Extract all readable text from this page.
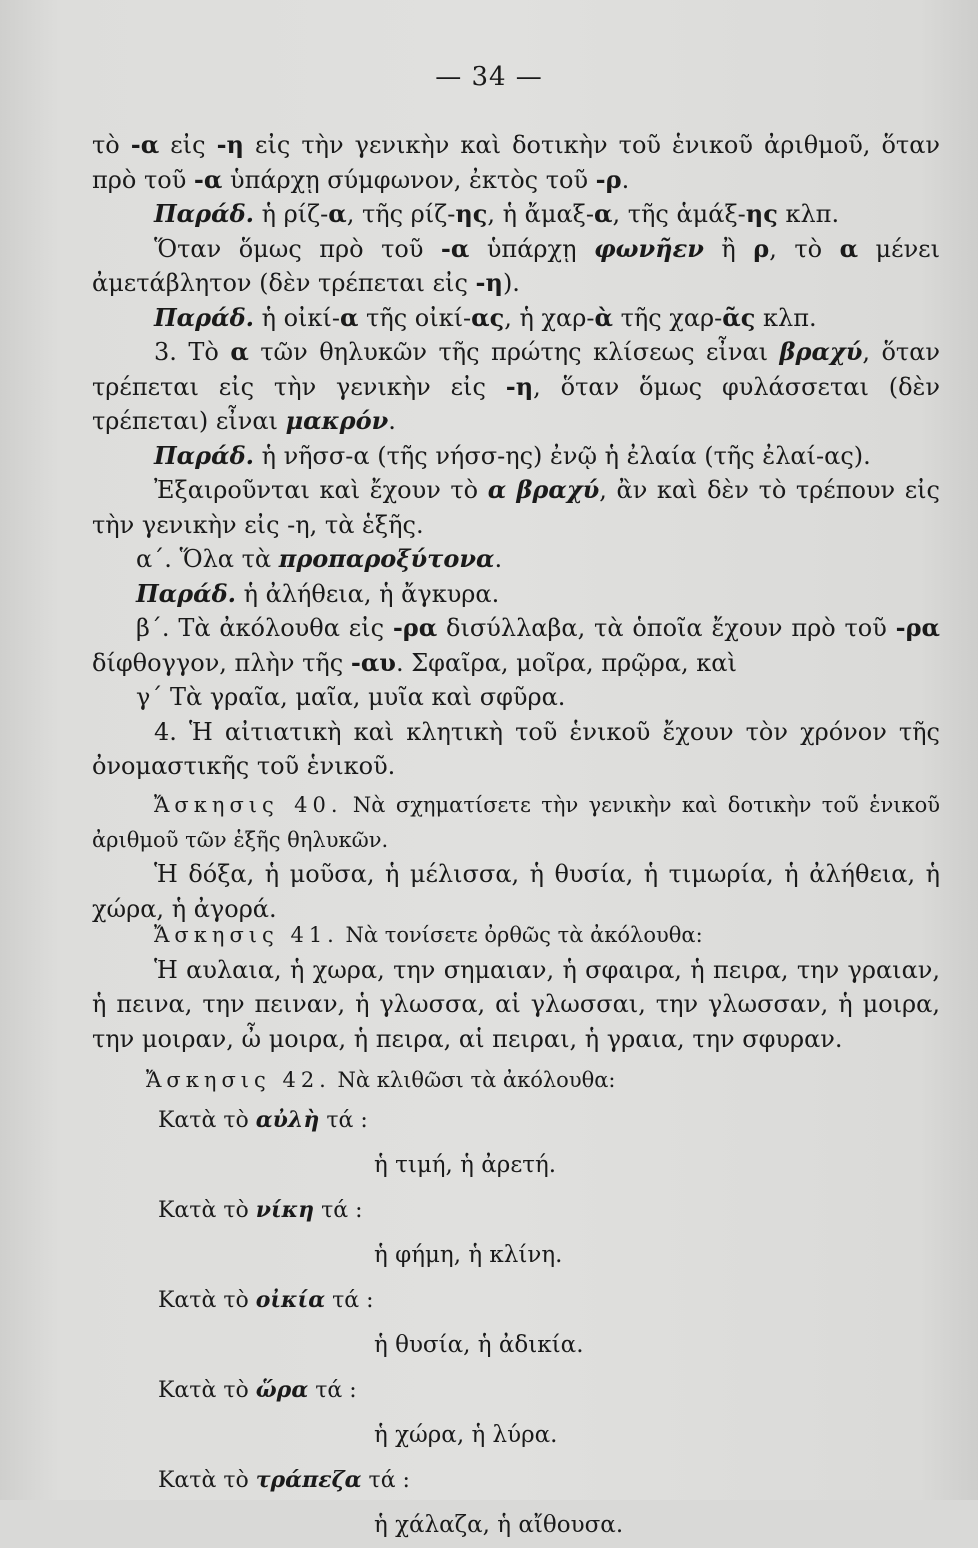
— 34 —

τὸ -α εἰς -η εἰς τὴν γενικὴν καὶ δοτικὴν τοῦ ἑνικοῦ ἀριθμοῦ, ὅταν πρὸ τοῦ -α ὑπάρχῃ σύμφωνον, ἐκτὸς τοῦ -ρ.

Παράδ. ἡ ρίζ-α, τῆς ρίζ-ης, ἡ ἄμαξ-α, τῆς ἁμάξ-ης κλπ.

Ὅταν ὅμως πρὸ τοῦ -α ὑπάρχῃ φωνῆεν ἢ ρ, τὸ α μένει ἀμετάβλητον (δὲν τρέπεται εἰς -η).

Παράδ. ἡ οἰκί-α τῆς οἰκί-ας, ἡ χαρ-ὰ τῆς χαρ-ᾶς κλπ.

3. Τὸ α τῶν θηλυκῶν τῆς πρώτης κλίσεως εἶναι βραχύ, ὅταν τρέπεται εἰς τὴν γενικὴν εἰς -η, ὅταν ὅμως φυλάσσεται (δὲν τρέπεται) εἶναι μακρόν.

Παράδ. ἡ νῆσσ-α (τῆς νήσσ-ης) ἐνῷ ἡ ἐλαία (τῆς ἐλαί-ας).

Ἐξαιροῦνται καὶ ἔχουν τὸ α βραχύ, ἂν καὶ δὲν τὸ τρέπουν εἰς τὴν γενικὴν εἰς -η, τὰ ἑξῆς.

α΄. Ὅλα τὰ προπαροξύτονα.

Παράδ. ἡ ἀλήθεια, ἡ ἄγκυρα.

β΄. Τὰ ἀκόλουθα εἰς -ρα δισύλλαβα, τὰ ὁποῖα ἔχουν πρὸ τοῦ -ρα δίφθογγον, πλὴν τῆς -αυ. Σφαῖρα, μοῖρα, πρῷρα, καὶ

γ΄ Τὰ γραῖα, μαῖα, μυῖα καὶ σφῦρα.

4. Ἡ αἰτιατικὴ καὶ κλητικὴ τοῦ ἑνικοῦ ἔχουν τὸν χρόνον τῆς ὀνομαστικῆς τοῦ ἑνικοῦ.

Ἄσκησις 40. Νὰ σχηματίσετε τὴν γενικὴν καὶ δοτικὴν τοῦ ἑνικοῦ ἀριθμοῦ τῶν ἑξῆς θηλυκῶν.

Ἡ δόξα, ἡ μοῦσα, ἡ μέλισσα, ἡ θυσία, ἡ τιμωρία, ἡ ἀλήθεια, ἡ χώρα, ἡ ἀγορά.

Ἄσκησις 41. Νὰ τονίσετε ὀρθῶς τὰ ἀκόλουθα:

Ἡ αυλαια, ἡ χωρα, την σημαιαν, ἡ σφαιρα, ἡ πειρα, την γραιαν, ἡ πεινα, την πειναν, ἡ γλωσσα, αἱ γλωσσαι, την γλωσσαν, ἡ μοιρα, την μοιραν, ὦ μοιρα, ἡ πειρα, αἱ πειραι, ἡ γραια, την σφυραν.

Ἄσκησις 42. Νὰ κλιθῶσι τὰ ἀκόλουθα:

Κατὰ τὸ αὐλὴ τά :
ἡ τιμή, ἡ ἀρετή.
Κατὰ τὸ νίκη τά :
ἡ φήμη, ἡ κλίνη.
Κατὰ τὸ οἰκία τά :
ἡ θυσία, ἡ ἀδικία.
Κατὰ τὸ ὥρα τά :
ἡ χώρα, ἡ λύρα.
Κατὰ τὸ τράπεζα τά :
ἡ χάλαζα, ἡ αἴθουσα.
